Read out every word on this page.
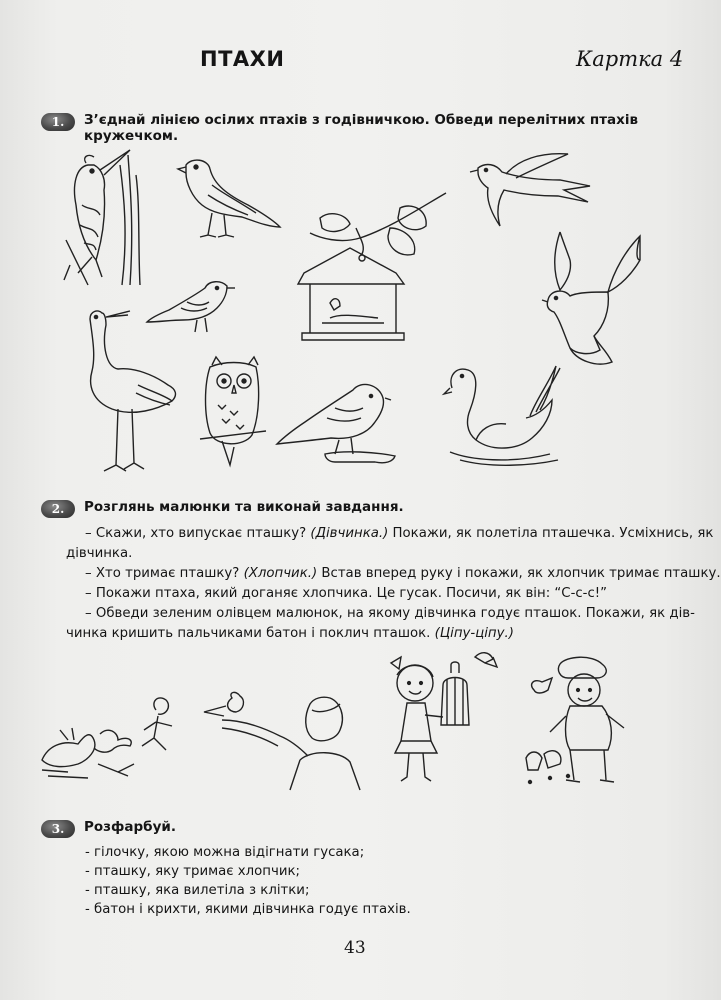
ПТАХИ	Картка 4
1.	З’єднай лінією осілих птахів з годівничкою. Обведи перелітних птахів кружечком.
2.	Розглянь малюнки та виконай завдання.
– Скажи, хто випускає пташку? (Дівчинка.) Покажи, як полетіла пташечка. Усміхнись, як
дівчинка.
– Хто тримає пташку? (Хлопчик.) Встав вперед руку і покажи, як хлопчик тримає пташку.
– Покажи птаха, який доганяє хлопчика. Це гусак. Посичи, як він: “С-с-с!”
– Обведи зеленим олівцем малюнок, на якому дівчинка годує пташок. Покажи, як дів-
чинка кришить пальчиками батон і поклич пташок. (Ціпу-ціпу.)
3.	Розфарбуй.
- гілочку, якою можна відігнати гусака;
- пташку, яку тримає хлопчик;
- пташку, яка вилетіла з клітки;
- батон і крихти, якими дівчинка годує птахів.
43
